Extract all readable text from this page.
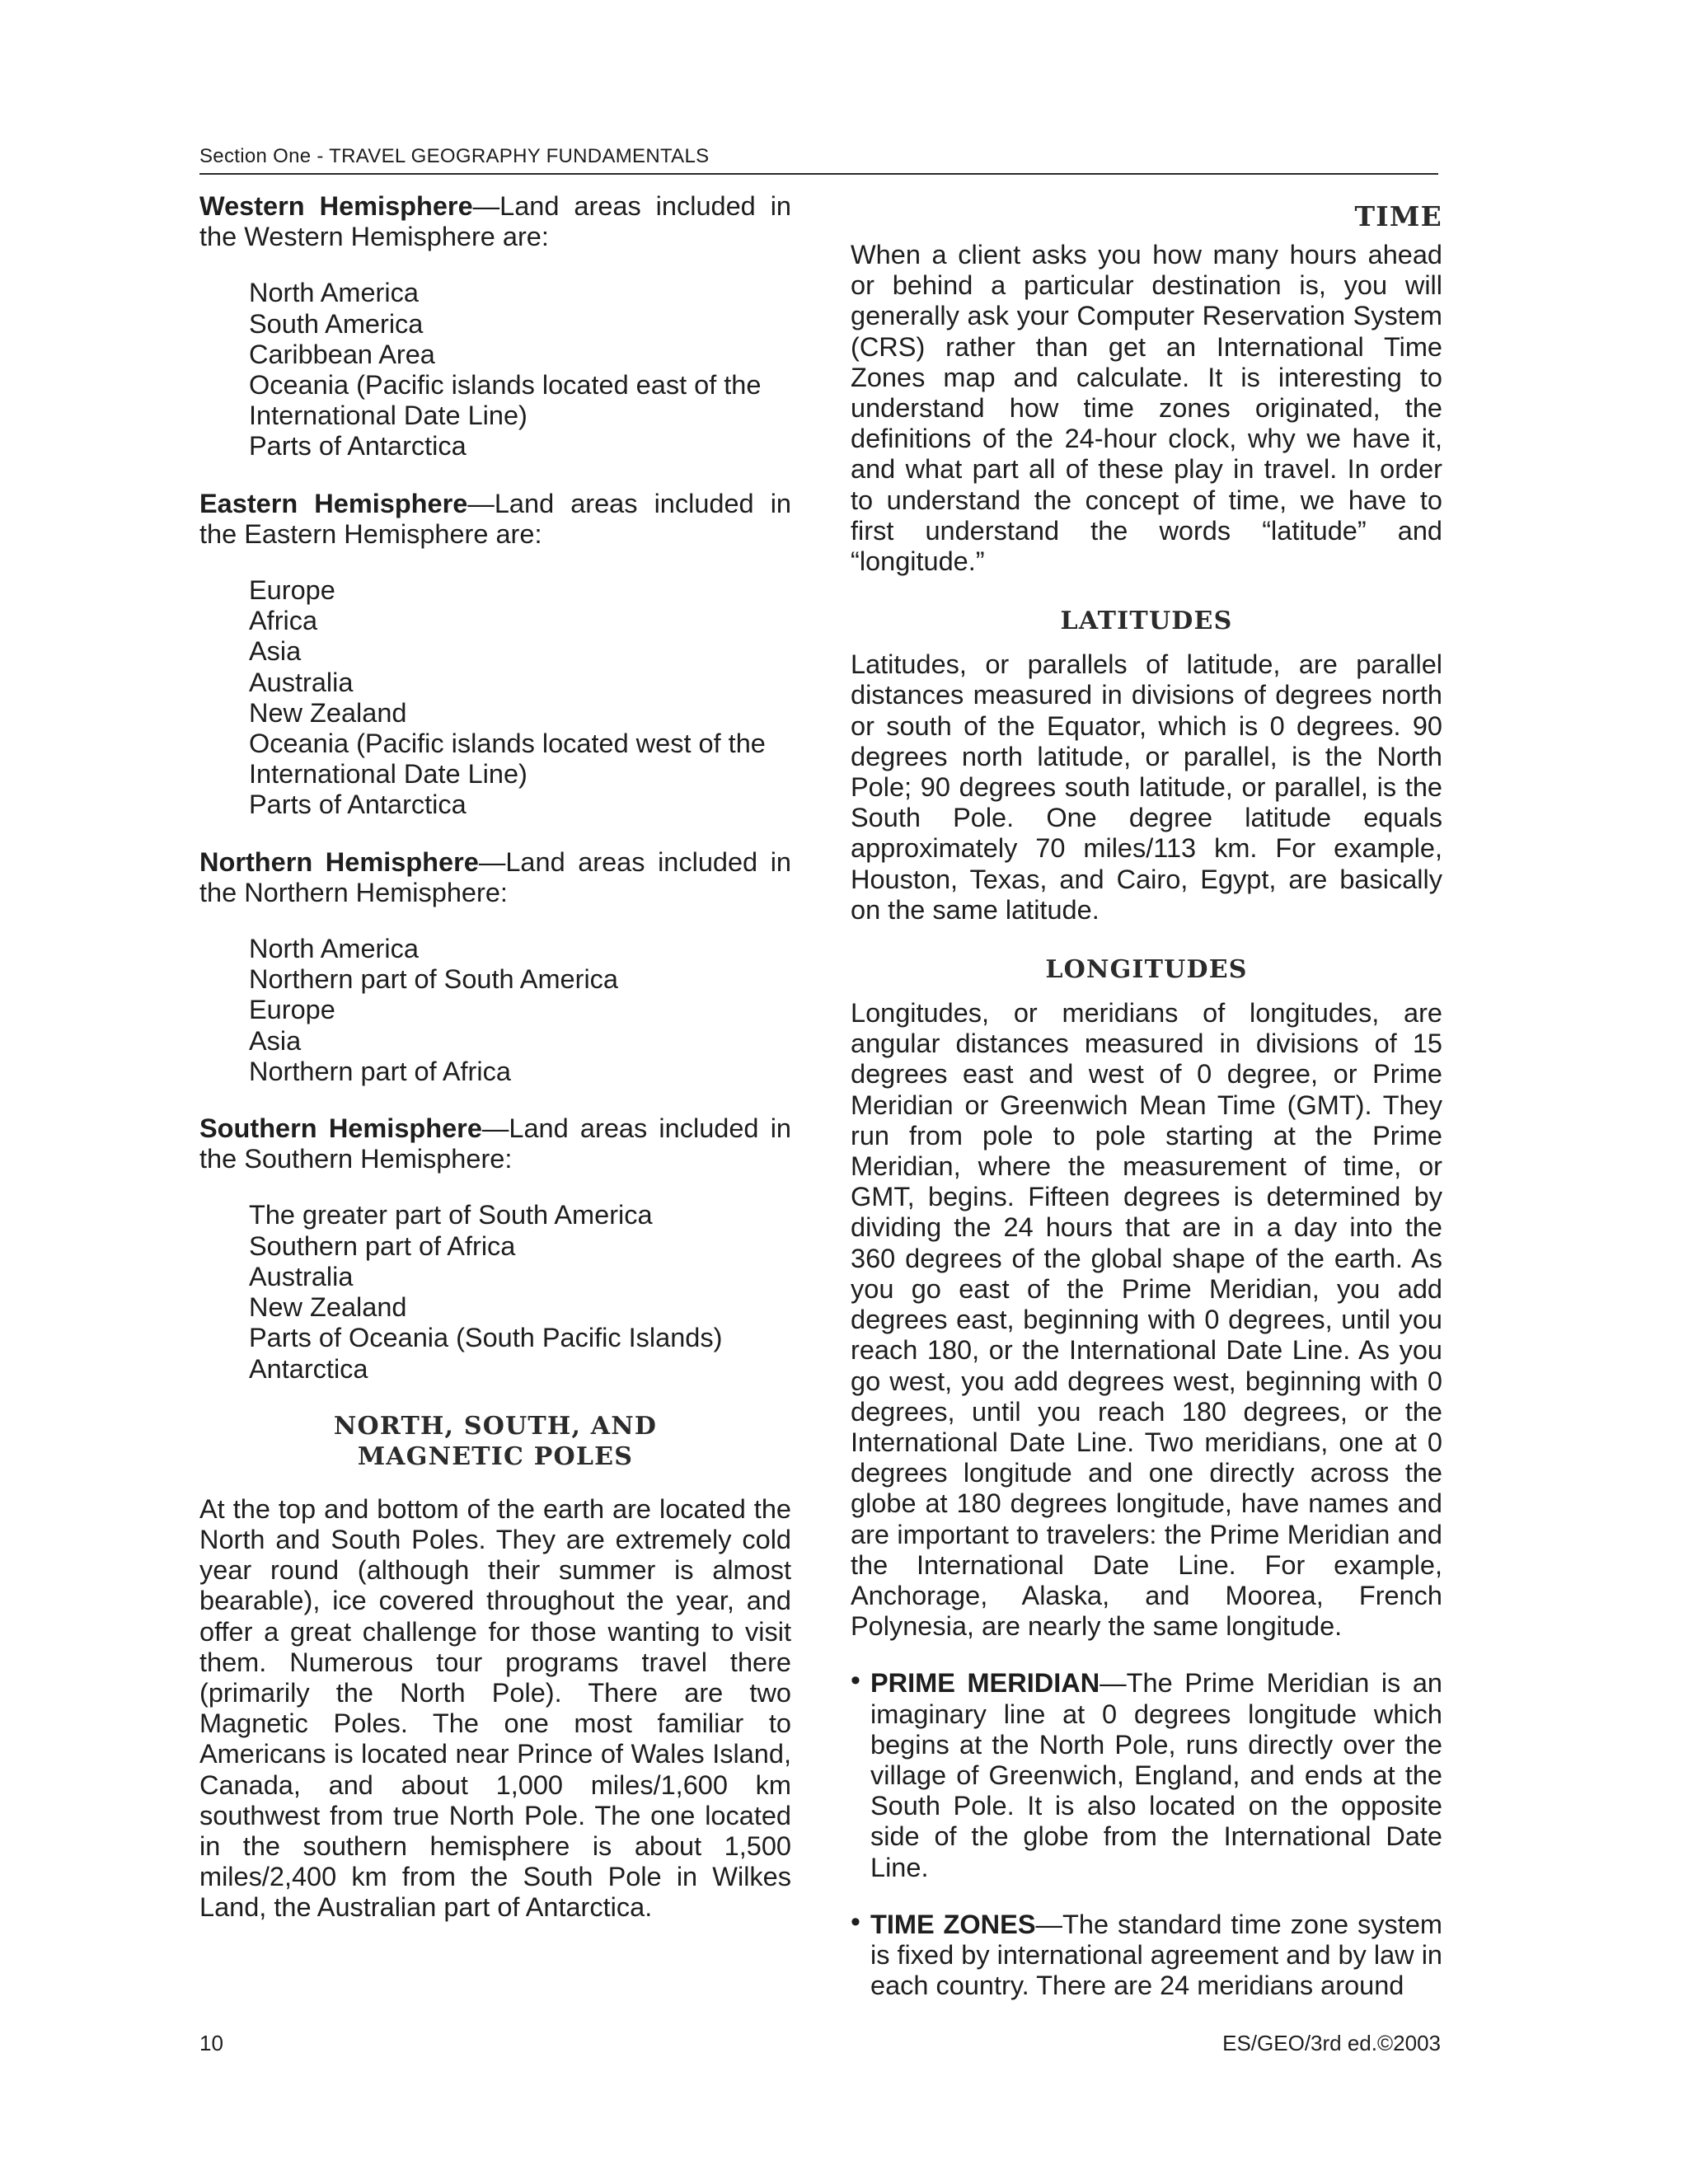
Section One - TRAVEL GEOGRAPHY FUNDAMENTALS

Western Hemisphere—Land areas included in the Western Hemisphere are:

North America
South America
Caribbean Area
Oceania (Pacific islands located east of the International Date Line)
Parts of Antarctica

Eastern Hemisphere—Land areas included in the Eastern Hemisphere are:

Europe
Africa
Asia
Australia
New Zealand
Oceania (Pacific islands located west of the International Date Line)
Parts of Antarctica

Northern Hemisphere—Land areas included in the Northern Hemisphere:

North America
Northern part of South America
Europe
Asia
Northern part of Africa

Southern Hemisphere—Land areas included in the Southern Hemisphere:

The greater part of South America
Southern part of Africa
Australia
New Zealand
Parts of Oceania (South Pacific Islands)
Antarctica
NORTH, SOUTH, AND
MAGNETIC POLES

At the top and bottom of the earth are located the North and South Poles. They are extremely cold year round (although their summer is almost bearable), ice covered throughout the year, and offer a great challenge for those wanting to visit them. Numerous tour programs travel there (primarily the North Pole). There are two Magnetic Poles. The one most familiar to Americans is located near Prince of Wales Island, Canada, and about 1,000 miles/1,600 km southwest from true North Pole. The one located in the southern hemisphere is about 1,500 miles/2,400 km from the South Pole in Wilkes Land, the Australian part of Antarctica.

TIME

When a client asks you how many hours ahead or behind a particular destination is, you will generally ask your Computer Reservation System (CRS) rather than get an International Time Zones map and calculate. It is interesting to understand how time zones originated, the definitions of the 24-hour clock, why we have it, and what part all of these play in travel. In order to understand the concept of time, we have to first understand the words “latitude” and “longitude.”

LATITUDES

Latitudes, or parallels of latitude, are parallel distances measured in divisions of degrees north or south of the Equator, which is 0 degrees. 90 degrees north latitude, or parallel, is the North Pole; 90 degrees south latitude, or parallel, is the South Pole. One degree latitude equals approximately 70 miles/113 km. For example, Houston, Texas, and Cairo, Egypt, are basically on the same latitude.

LONGITUDES

Longitudes, or meridians of longitudes, are angular distances measured in divisions of 15 degrees east and west of 0 degree, or Prime Meridian or Greenwich Mean Time (GMT). They run from pole to pole starting at the Prime Meridian, where the measurement of time, or GMT, begins. Fifteen degrees is determined by dividing the 24 hours that are in a day into the 360 degrees of the global shape of the earth. As you go east of the Prime Meridian, you add degrees east, beginning with 0 degrees, until you reach 180, or the International Date Line. As you go west, you add degrees west, beginning with 0 degrees, until you reach 180 degrees, or the International Date Line. Two meridians, one at 0 degrees longitude and one directly across the globe at 180 degrees longitude, have names and are important to travelers: the Prime Meridian and the International Date Line. For example, Anchorage, Alaska, and Moorea, French Polynesia, are nearly the same longitude.

• PRIME MERIDIAN—The Prime Meridian is an imaginary line at 0 degrees longitude which begins at the North Pole, runs directly over the village of Greenwich, England, and ends at the South Pole. It is also located on the opposite side of the globe from the International Date Line.

• TIME ZONES—The standard time zone system is fixed by international agreement and by law in each country. There are 24 meridians around

10	ES/GEO/3rd ed.©2003
